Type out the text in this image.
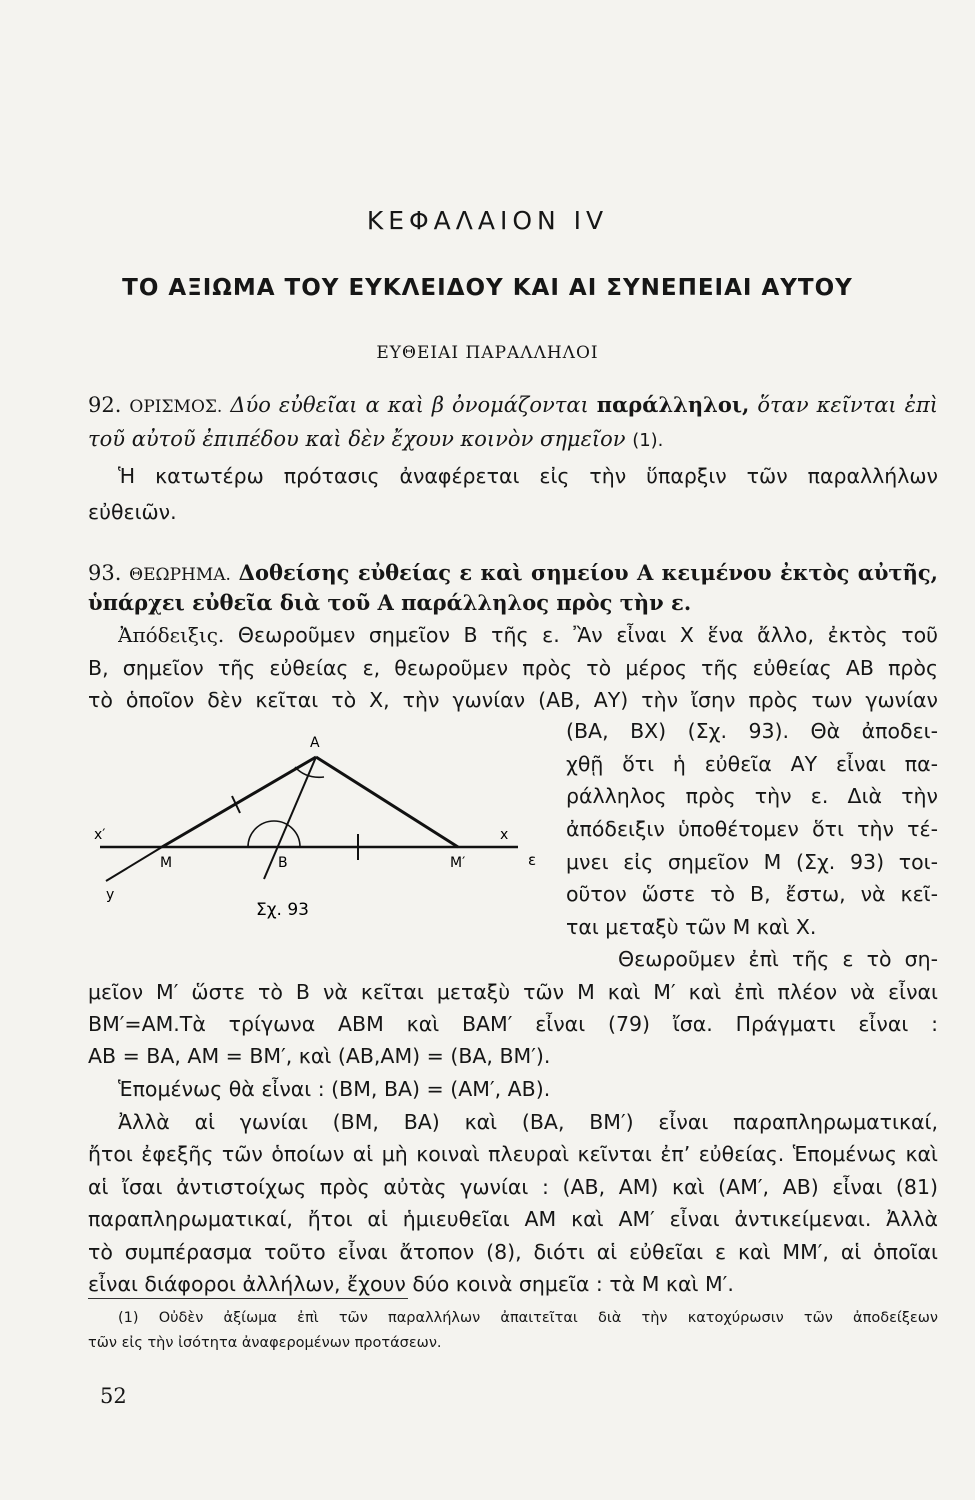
ΚΕΦΑΛΑΙΟΝ IV
ΤΟ ΑΞΙΩΜΑ ΤΟΥ ΕΥΚΛΕΙΔΟΥ ΚΑΙ ΑΙ ΣΥΝΕΠΕΙΑΙ ΑΥΤΟΥ
ΕΥΘΕΙΑΙ ΠΑΡΑΛΛΗΛΟΙ
92. ΟΡΙΣΜΟΣ. Δύο εὐθεῖαι α καὶ β ὀνομάζονται παράλληλοι, ὅταν κεῖνται ἐπὶ
τοῦ αὐτοῦ ἐπιπέδου καὶ δὲν ἔχουν κοινὸν σημεῖον (1).
Ἡ κατωτέρω πρότασις ἀναφέρεται εἰς τὴν ὕπαρξιν τῶν παραλλήλων
εὐθειῶν.
93. ΘΕΩΡΗΜΑ. Δοθείσης εὐθείας ε καὶ σημείου Α κειμένου ἐκτὸς αὐτῆς,
ὑπάρχει εὐθεῖα διὰ τοῦ Α παράλληλος πρὸς τὴν ε.
Ἀπόδειξις. Θεωροῦμεν σημεῖον Β τῆς ε. Ἂν εἶναι Χ ἕνα ἄλλο, ἐκτὸς τοῦ
Β, σημεῖον τῆς εὐθείας ε, θεωροῦμεν πρὸς τὸ μέρος τῆς εὐθείας ΑΒ πρὸς
τὸ ὁποῖον δὲν κεῖται τὸ Χ, τὴν γωνίαν (ΑΒ, ΑΥ) τὴν ἴσην πρὸς των γωνίαν
(ΒΑ, ΒΧ) (Σχ. 93). Θὰ ἀποδει-
χθῇ ὅτι ἡ εὐθεῖα ΑΥ εἶναι πα-
ράλληλος πρὸς τὴν ε. Διὰ τὴν
ἀπόδειξιν ὑποθέτομεν ὅτι τὴν τέ-
μνει εἰς σημεῖον Μ (Σχ. 93) τοι-
οῦτον ὥστε τὸ Β, ἔστω, νὰ κεῖ-
ται μεταξὺ τῶν Μ καὶ Χ.
Θεωροῦμεν ἐπὶ τῆς ε τὸ ση-
Α
x′
Μ	Β	Μ′
x
ε
y
Σχ. 93
μεῖον Μ′ ὥστε τὸ Β νὰ κεῖται μεταξὺ τῶν Μ καὶ Μ′ καὶ ἐπὶ πλέον νὰ εἶναι
ΒΜ′=ΑΜ.Τὰ τρίγωνα ΑΒΜ καὶ ΒΑΜ′ εἶναι (79) ἴσα. Πράγματι εἶναι :
ΑΒ = ΒΑ, ΑΜ = ΒΜ′, καὶ (ΑΒ,ΑΜ) = (ΒΑ, ΒΜ′).
Ἑπομένως θὰ εἶναι : (ΒΜ, ΒΑ) = (ΑΜ′, ΑΒ).
Ἀλλὰ αἱ γωνίαι (ΒΜ, ΒΑ) καὶ (ΒΑ, ΒΜ′) εἶναι παραπληρωματικαί,
ἤτοι ἐφεξῆς τῶν ὁποίων αἱ μὴ κοιναὶ πλευραὶ κεῖνται ἐπ’ εὐθείας. Ἑπομένως καὶ
αἱ ἴσαι ἀντιστοίχως πρὸς αὐτὰς γωνίαι : (ΑΒ, ΑΜ) καὶ (ΑΜ′, ΑΒ) εἶναι (81)
παραπληρωματικαί, ἤτοι αἱ ἡμιευθεῖαι ΑΜ καὶ ΑΜ′ εἶναι ἀντικείμεναι. Ἀλλὰ
τὸ συμπέρασμα τοῦτο εἶναι ἄτοπον (8), διότι αἱ εὐθεῖαι ε καὶ ΜΜ′, αἱ ὁποῖαι
εἶναι διάφοροι ἀλλήλων, ἔχουν δύο κοινὰ σημεῖα : τὰ Μ καὶ Μ′.
(1) Οὐδὲν ἀξίωμα ἐπὶ τῶν παραλλήλων ἀπαιτεῖται διὰ τὴν κατοχύρωσιν τῶν ἀποδείξεων
τῶν εἰς τὴν ἰσότητα ἀναφερομένων προτάσεων.
52
